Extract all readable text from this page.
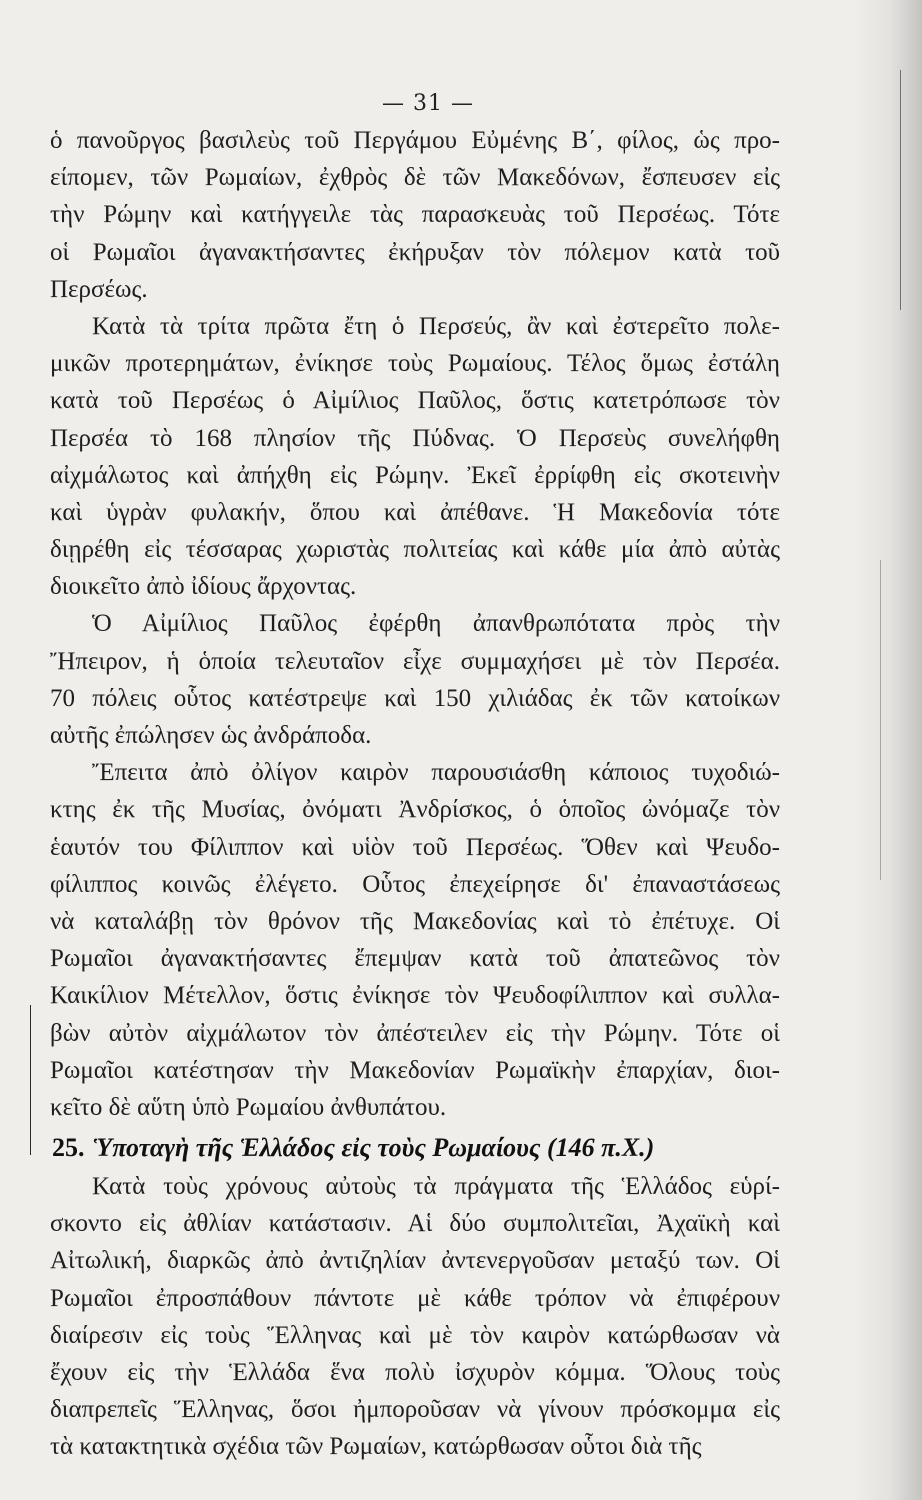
— 31 —
ὁ πανοῦργος βασιλεὺς τοῦ Περγάμου Εὐμένης Β΄, φίλος, ὡς προ-
είπομεν, τῶν Ρωμαίων, ἐχθρὸς δὲ τῶν Μακεδόνων, ἔσπευσεν εἰς
τὴν Ρώμην καὶ κατήγγειλε τὰς παρασκευὰς τοῦ Περσέως. Τότε
οἱ Ρωμαῖοι ἀγανακτήσαντες ἐκήρυξαν τὸν πόλεμον κατὰ τοῦ
Περσέως.
Κατὰ τὰ τρίτα πρῶτα ἔτη ὁ Περσεύς, ἂν καὶ ἐστερεῖτο πολε-
μικῶν προτερημάτων, ἐνίκησε τοὺς Ρωμαίους. Τέλος ὅμως ἐστάλη
κατὰ τοῦ Περσέως ὁ Αἰμίλιος Παῦλος, ὅστις κατετρόπωσε τὸν
Περσέα τὸ 168 πλησίον τῆς Πύδνας. Ὁ Περσεὺς συνελήφθη
αἰχμάλωτος καὶ ἀπήχθη εἰς Ρώμην. Ἐκεῖ ἐρρίφθη εἰς σκοτεινὴν
καὶ ὑγρὰν φυλακήν, ὅπου καὶ ἀπέθανε. Ἡ Μακεδονία τότε
διῃρέθη εἰς τέσσαρας χωριστὰς πολιτείας καὶ κάθε μία ἀπὸ αὐτὰς
διοικεῖτο ἀπὸ ἰδίους ἄρχοντας.
Ὁ Αἰμίλιος Παῦλος ἐφέρθη ἀπανθρωπότατα πρὸς τὴν
Ἤπειρον, ἡ ὁποία τελευταῖον εἶχε συμμαχήσει μὲ τὸν Περσέα.
70 πόλεις οὗτος κατέστρεψε καὶ 150 χιλιάδας ἐκ τῶν κατοίκων
αὐτῆς ἐπώλησεν ὡς ἀνδράποδα.
Ἔπειτα ἀπὸ ὀλίγον καιρὸν παρουσιάσθη κάποιος τυχοδιώ-
κτης ἐκ τῆς Μυσίας, ὀνόματι Ἀνδρίσκος, ὁ ὁποῖος ὠνόμαζε τὸν
ἑαυτόν του Φίλιππον καὶ υἱὸν τοῦ Περσέως. Ὅθεν καὶ Ψευδο-
φίλιππος κοινῶς ἐλέγετο. Οὗτος ἐπεχείρησε δι' ἐπαναστάσεως
νὰ καταλάβῃ τὸν θρόνον τῆς Μακεδονίας καὶ τὸ ἐπέτυχε. Οἱ
Ρωμαῖοι ἀγανακτήσαντες ἔπεμψαν κατὰ τοῦ ἀπατεῶνος τὸν
Καικίλιον Μέτελλον, ὅστις ἐνίκησε τὸν Ψευδοφίλιππον καὶ συλλα-
βὼν αὐτὸν αἰχμάλωτον τὸν ἀπέστειλεν εἰς τὴν Ρώμην. Τότε οἱ
Ρωμαῖοι κατέστησαν τὴν Μακεδονίαν Ρωμαϊκὴν ἐπαρχίαν, διοι-
κεῖτο δὲ αὕτη ὑπὸ Ρωμαίου ἀνθυπάτου.
25. Ὑποταγὴ τῆς Ἑλλάδος εἰς τοὺς Ρωμαίους (146 π.Χ.)
Κατὰ τοὺς χρόνους αὐτοὺς τὰ πράγματα τῆς Ἑλλάδος εὑρί-
σκοντο εἰς ἀθλίαν κατάστασιν. Αἱ δύο συμπολιτεῖαι, Ἀχαϊκὴ καὶ
Αἰτωλική, διαρκῶς ἀπὸ ἀντιζηλίαν ἀντενεργοῦσαν μεταξύ των. Οἱ
Ρωμαῖοι ἐπροσπάθουν πάντοτε μὲ κάθε τρόπον νὰ ἐπιφέρουν
διαίρεσιν εἰς τοὺς Ἕλληνας καὶ μὲ τὸν καιρὸν κατώρθωσαν νὰ
ἔχουν εἰς τὴν Ἑλλάδα ἕνα πολὺ ἰσχυρὸν κόμμα. Ὅλους τοὺς
διαπρεπεῖς Ἕλληνας, ὅσοι ἠμποροῦσαν νὰ γίνουν πρόσκομμα εἰς
τὰ κατακτητικὰ σχέδια τῶν Ρωμαίων, κατώρθωσαν οὗτοι διὰ τῆς
